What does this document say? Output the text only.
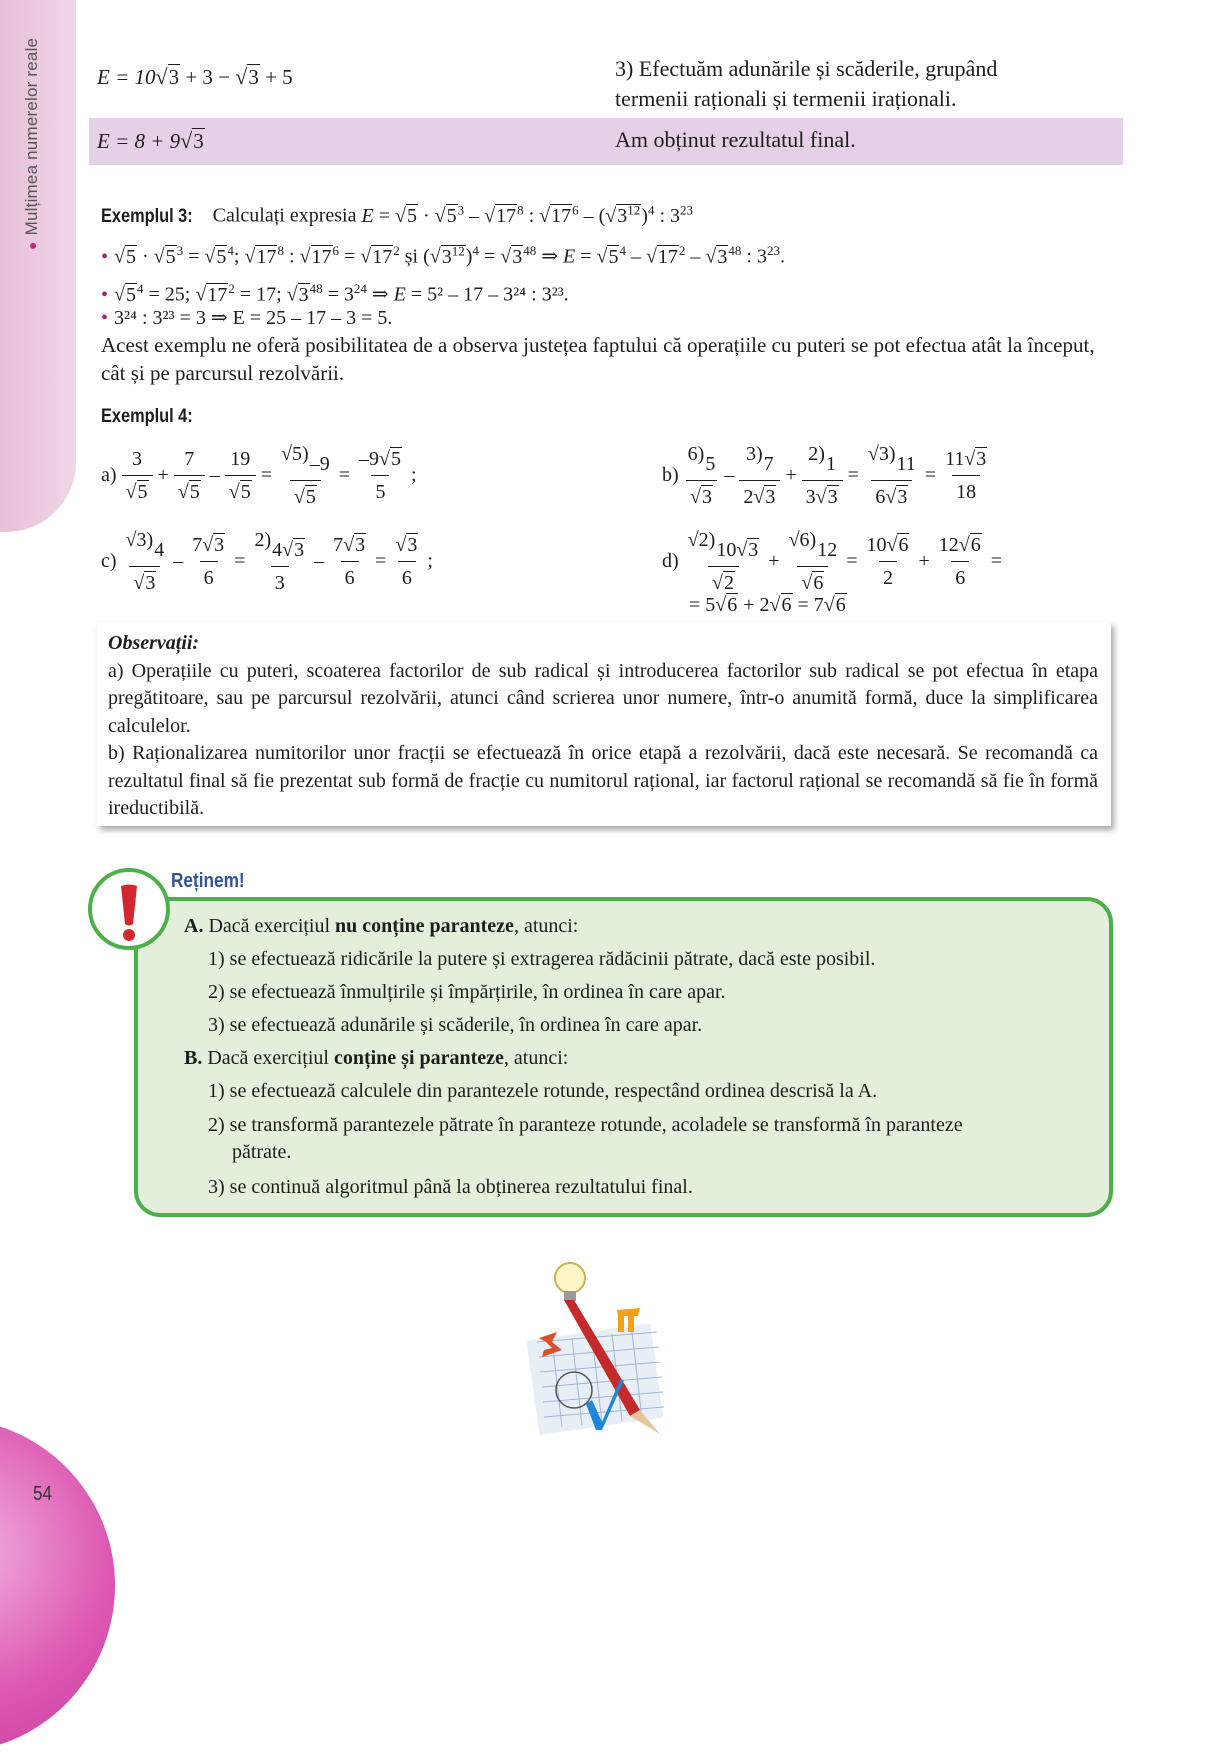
●Mulțimea numerelor reale
54
E = 10√3 + 3 − √3 + 5	3) Efectuăm adunările și scăderile, grupând
termenii raționali și termenii iraționali.
E = 8 + 9√3	Am obținut rezultatul final.
Exemplul 3: Calculați expresia $E = √5 \cdot √5^3 - √17^8$ : $√17^6 - (√3^{12})^4$ : $3^{23}$
• $√5 \cdot √5^3 = √5^4$; $√17^8$ : $√17^6 = √17^2$ și $(√3^{12})^4 = √3^{48}$ ⇒ $E = √5^4 - √17^2 - √3^{48}$ : $3^{23}$.
• $√5^4 = 25$; $√17^2 = 17$; $√3^{48} = 3^{24}$ ⇒ E = 5² – 17 – 3²⁴ : 3²³.
• 3²⁴ : 3²³ = 3 ⇒ E = 25 – 17 – 3 = 5.
Acest exemplu ne oferă posibilitatea de a observa justețea faptului că operațiile cu puteri se pot efectua atât la început, cât și pe parcursul rezolvării.
Exemplul 4:
$a) \frac{3}{√5} + \frac{7}{√5} - \frac{19}{√5} = \frac{√5)-9}{√5} = \frac{-9√5}{5}$ ;	$b) \frac{6)5}{√3} - \frac{3)7}{2√3} + \frac{2)1}{3√3} = \frac{√3)11}{6√3} = \frac{11√3}{18}$
$c) \frac{√3)4}{√3} - \frac{7√3}{6} = \frac{2)4√3}{3} - \frac{7√3}{6} = \frac{√3}{6}$ ;	$d) \frac{√2)10√3}{√2} + \frac{√6)12}{√6} = \frac{10√6}{2} + \frac{12√6}{6}$ =
= 5√6 + 2√6 = 7√6
Observații:
a) Operațiile cu puteri, scoaterea factorilor de sub radical și introducerea factorilor sub radical se pot efectua în etapa pregătitoare, sau pe parcursul rezolvării, atunci când scrierea unor numere, într-o anumită formă, duce la simplificarea calculelor.
b) Raționalizarea numitorilor unor fracții se efectuează în orice etapă a rezolvării, dacă este necesară. Se recomandă ca rezultatul final să fie prezentat sub formă de fracție cu numitorul rațional, iar factorul rațional se recomandă să fie în formă ireductibilă.
Reținem!
A. Dacă exercițiul nu conține paranteze, atunci:
1) se efectuează ridicările la putere și extragerea rădăcinii pătrate, dacă este posibil.
2) se efectuează înmulțirile și împărțirile, în ordinea în care apar.
3) se efectuează adunările și scăderile, în ordinea în care apar.
B. Dacă exercițiul conține și paranteze, atunci:
1) se efectuează calculele din parantezele rotunde, respectând ordinea descrisă la A.
2) se transformă parantezele pătrate în paranteze rotunde, acoladele se transformă în paranteze
pătrate.
3) se continuă algoritmul până la obținerea rezultatului final.
